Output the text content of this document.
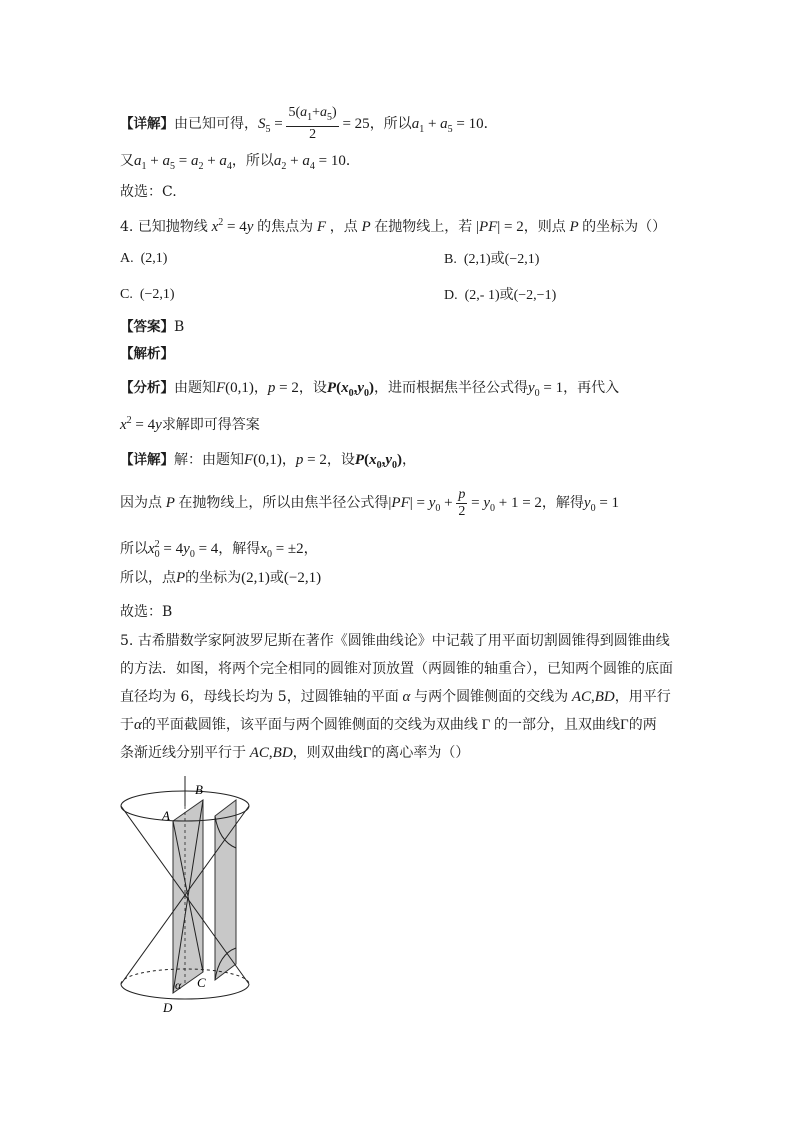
【详解】由已知可得，$S_5 = \frac{5(a_1+a_5)}{2} = 25$，所以$a_1 + a_5 = 10$．
又$a_1 + a_5 = a_2 + a_4$，所以$a_2 + a_4 = 10$．
故选：C.
4. 已知抛物线 $x^2 = 4y$ 的焦点为 F ，点 P 在抛物线上，若 |PF| = 2，则点 P 的坐标为（）
A. (2,1)	B. (2,1)或(−2,1)
C. (−2,1)	D. (2,- 1)或(−2,−1)
【答案】B
【解析】
【分析】由题知F(0,1)，p = 2，设$P(x_0,y_0)$，进而根据焦半径公式得$y_0 = 1$，再代入
$x^2 = 4y$求解即可得答案
【详解】解：由题知F(0,1)，p = 2，设$P(x_0,y_0)$，
因为点 P 在抛物线上，所以由焦半径公式得$|PF| = y_0 + \frac{p}{2} = y_0 + 1 = 2$，解得$y_0 = 1$
所以$x_0^2 = 4y_0 = 4$，解得$x_0 = \pm 2$，
所以，点P的坐标为(2,1)或(−2,1)
故选：B
5. 古希腊数学家阿波罗尼斯在著作《圆锥曲线论》中记载了用平面切割圆锥得到圆锥曲线
的方法．如图，将两个完全相同的圆锥对顶放置（两圆锥的轴重合），已知两个圆锥的底面
直径均为 6，母线长均为 5，过圆锥轴的平面 α 与两个圆锥侧面的交线为 AC,BD，用平行
于α的平面截圆锥，该平面与两个圆锥侧面的交线为双曲线 Γ 的一部分，且双曲线Γ的两
条渐近线分别平行于 AC,BD，则双曲线Γ的离心率为（）
A
B
C
D
α
